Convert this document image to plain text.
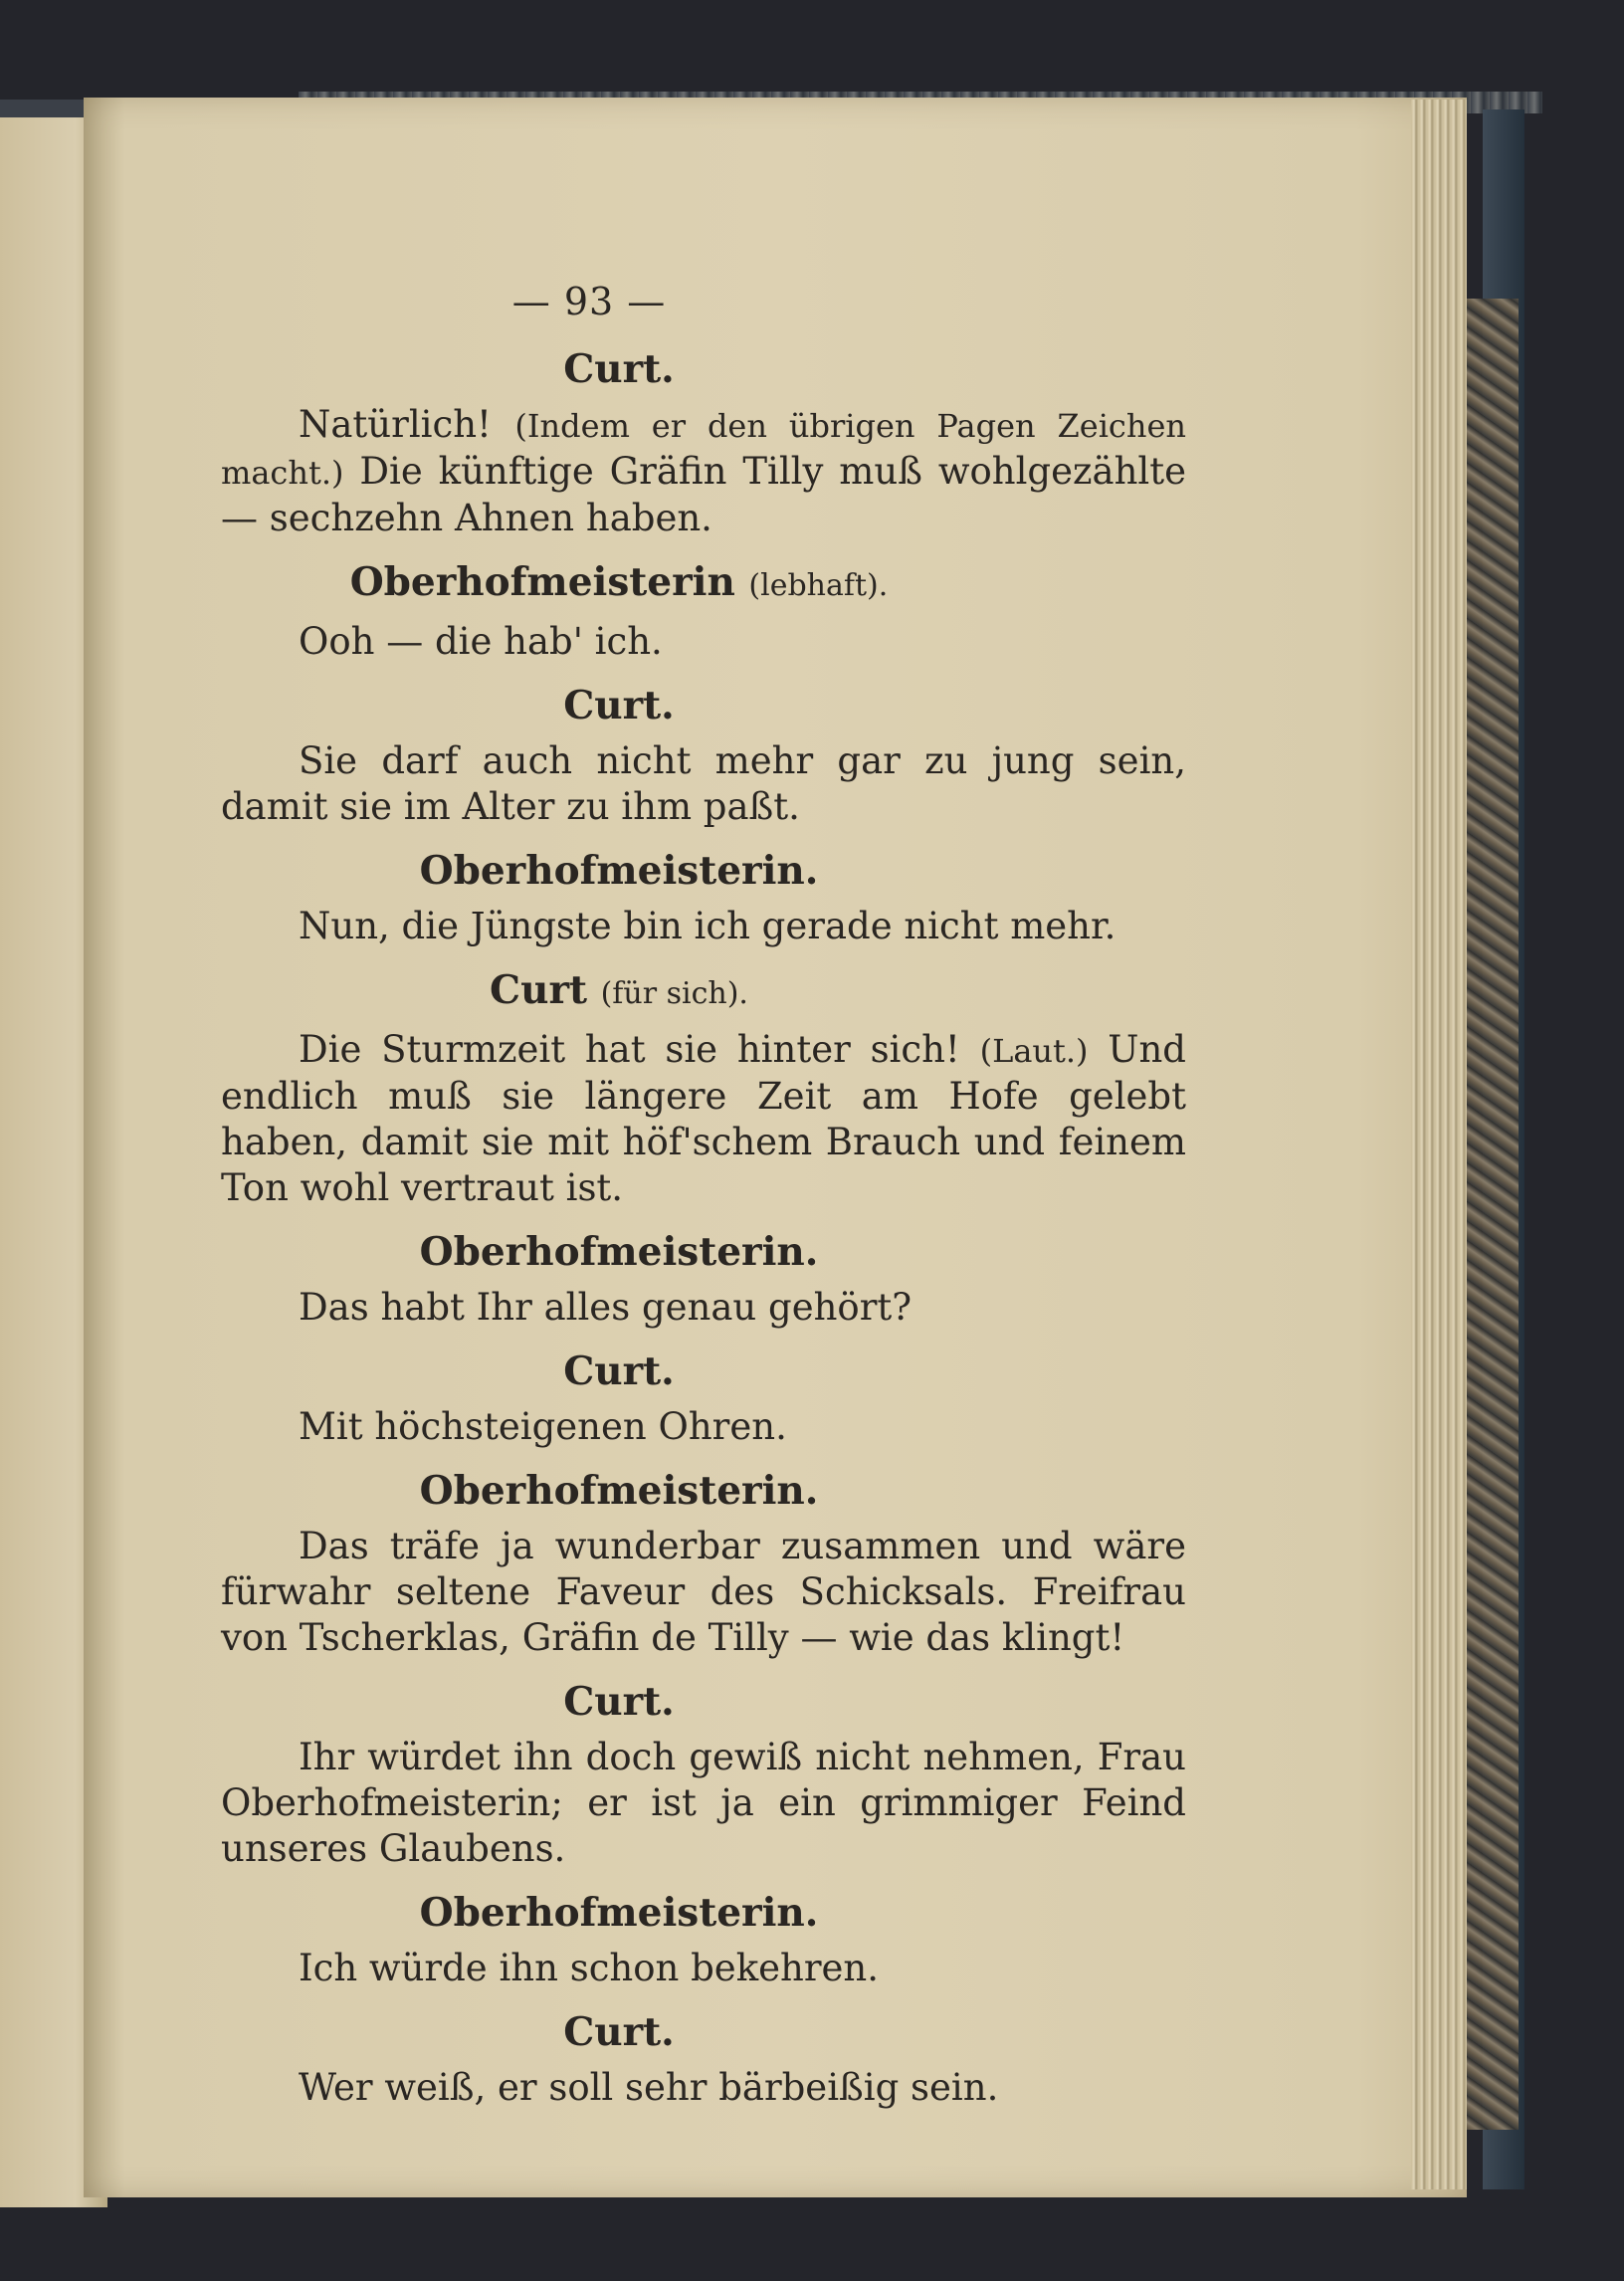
— 93 —
Curt.

Natürlich! (Indem er den übrigen Pagen Zeichen macht.) Die künftige Gräfin Tilly muß wohlgezählte — sechzehn Ahnen haben.

Oberhofmeisterin (lebhaft).

Ooh — die hab' ich.

Curt.

Sie darf auch nicht mehr gar zu jung sein, damit sie im Alter zu ihm paßt.

Oberhofmeisterin.

Nun, die Jüngste bin ich gerade nicht mehr.

Curt (für sich).

Die Sturmzeit hat sie hinter sich! (Laut.) Und endlich muß sie längere Zeit am Hofe gelebt haben, damit sie mit höf'schem Brauch und feinem Ton wohl vertraut ist.

Oberhofmeisterin.

Das habt Ihr alles genau gehört?

Curt.

Mit höchsteigenen Ohren.

Oberhofmeisterin.

Das träfe ja wunderbar zusammen und wäre fürwahr seltene Faveur des Schicksals. Freifrau von Tscherklas, Gräfin de Tilly — wie das klingt!

Curt.

Ihr würdet ihn doch gewiß nicht nehmen, Frau Oberhofmeisterin; er ist ja ein grimmiger Feind unseres Glaubens.

Oberhofmeisterin.

Ich würde ihn schon bekehren.

Curt.

Wer weiß, er soll sehr bärbeißig sein.
